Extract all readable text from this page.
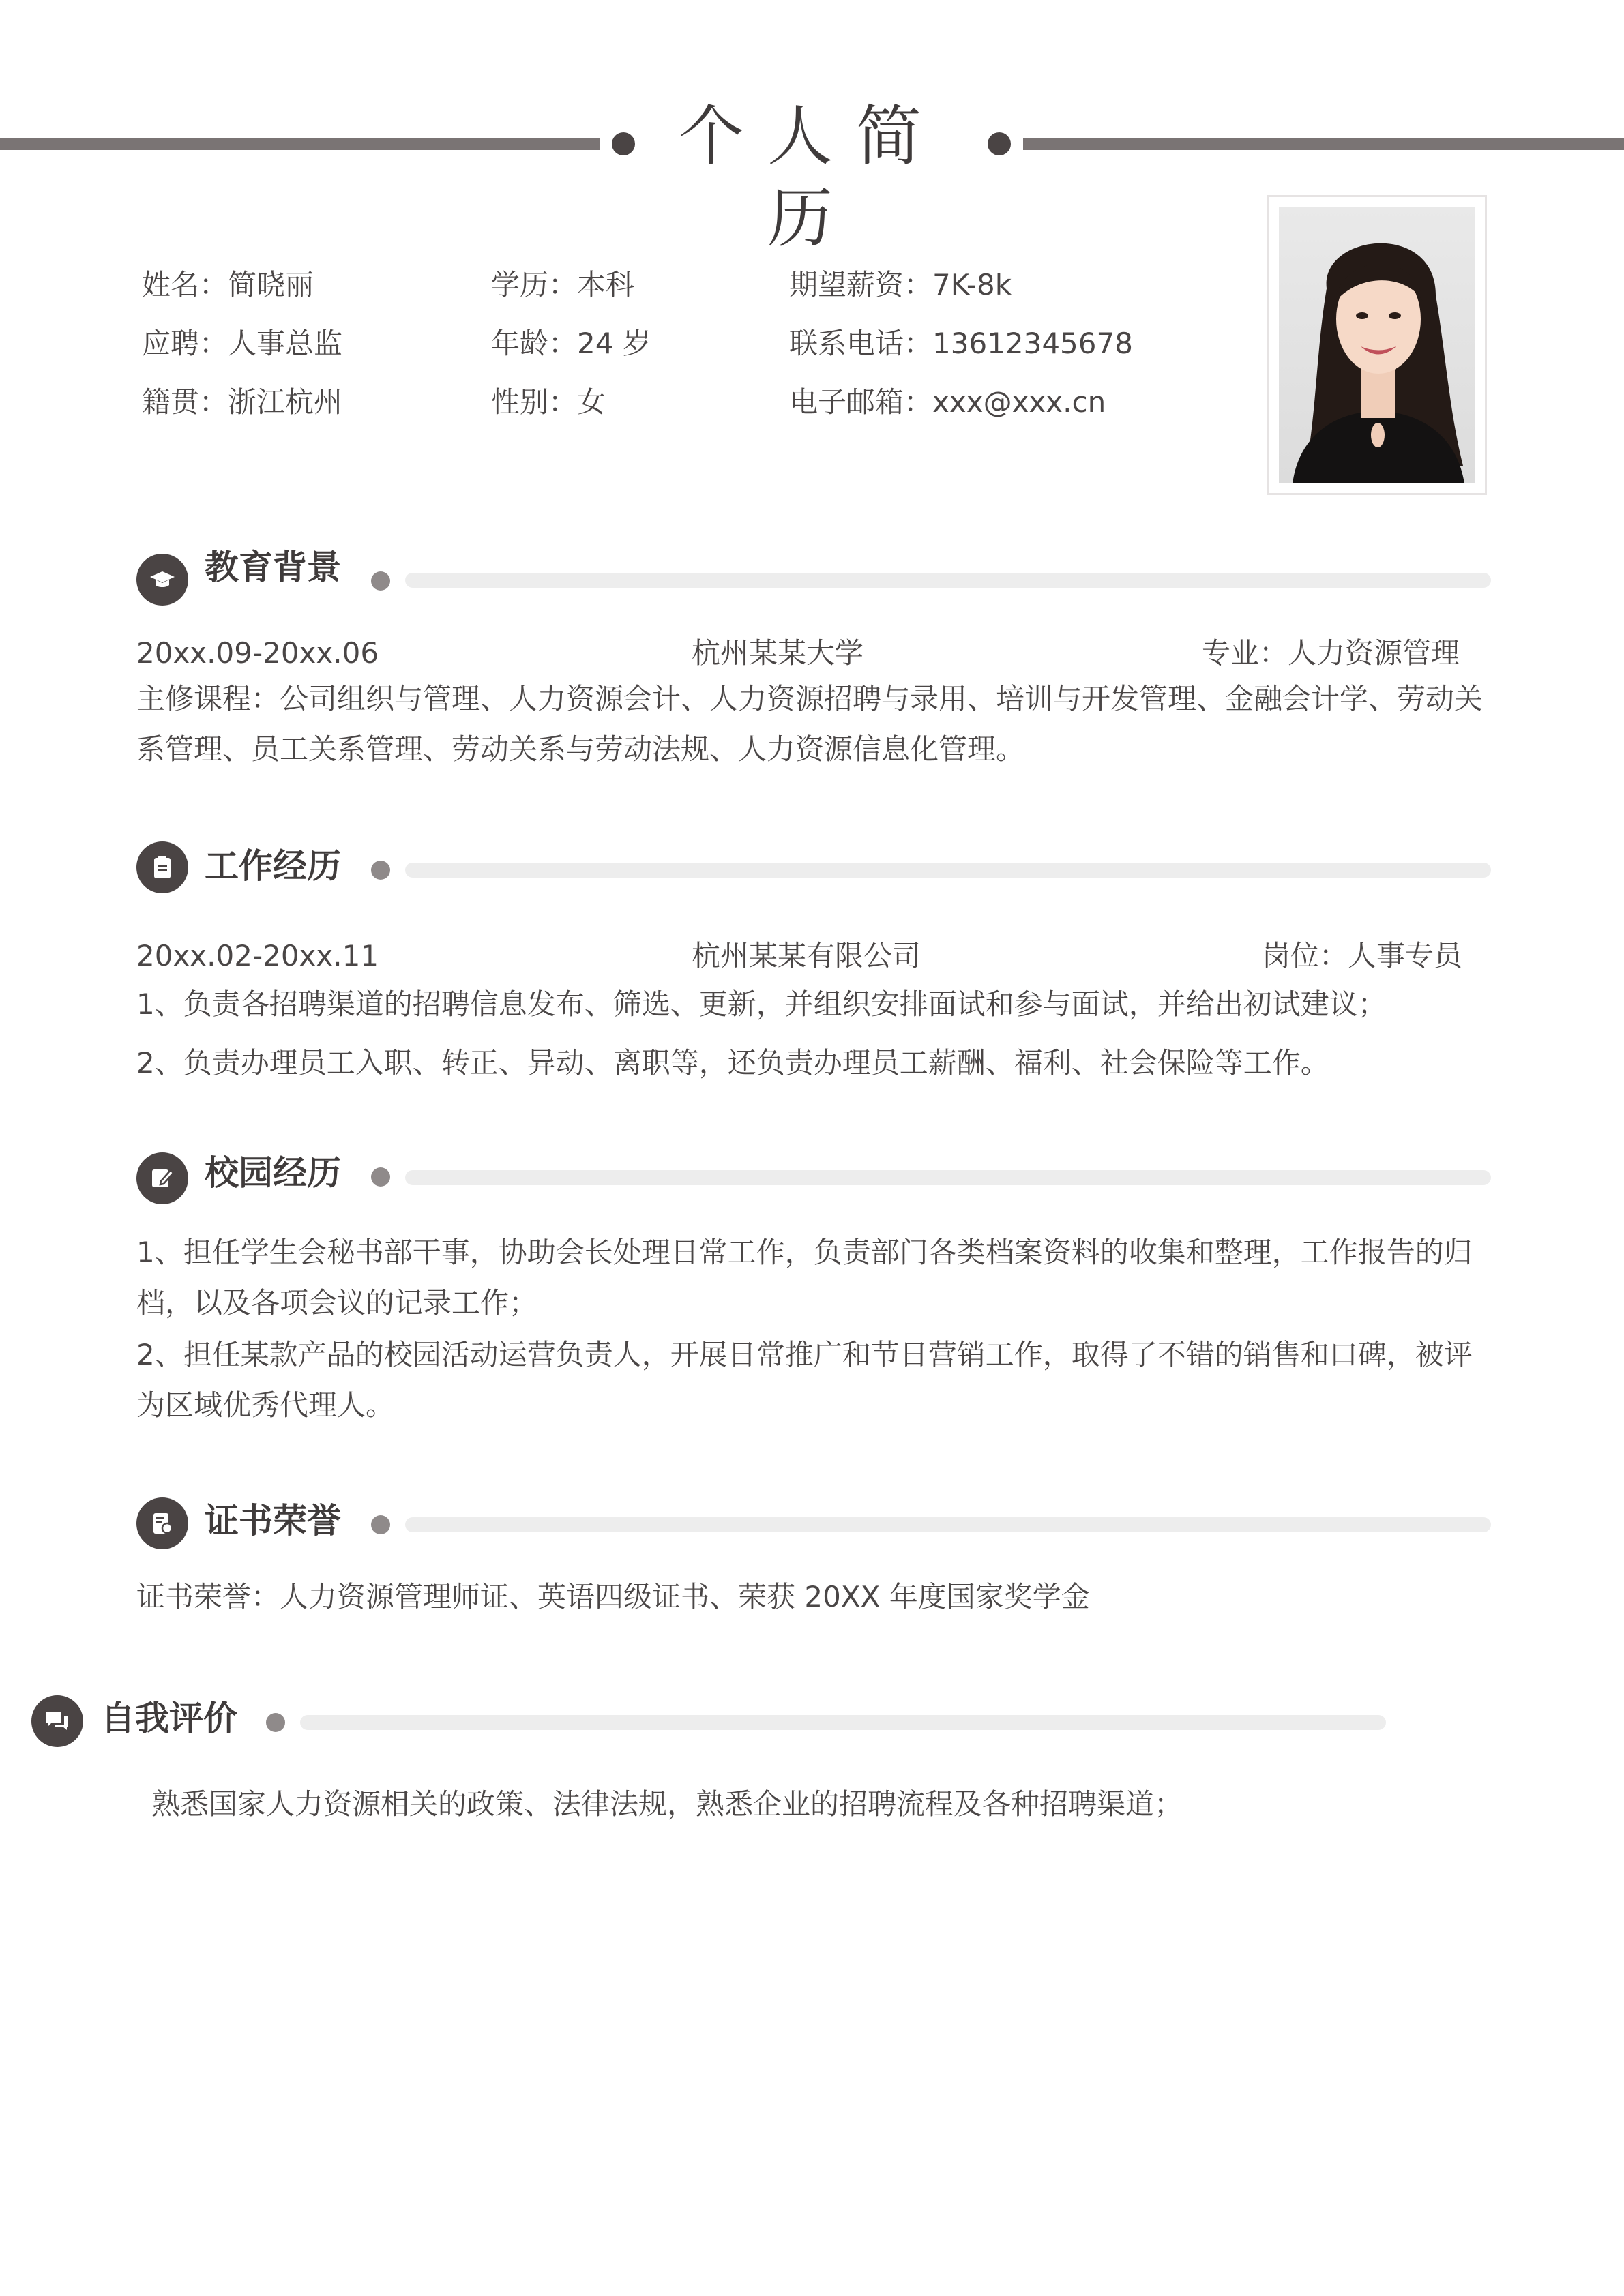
个人简历
姓名：简晓丽	学历：本科	期望薪资：7K-8k
应聘：人事总监	年龄：24 岁	联系电话：13612345678
籍贯：浙江杭州	性别：女	电子邮箱：xxx@xxx.cn
教育背景
20xx.09-20xx.06	杭州某某大学	专业：人力资源管理
主修课程：公司组织与管理、人力资源会计、人力资源招聘与录用、培训与开发管理、金融会计学、劳动关系管理、员工关系管理、劳动关系与劳动法规、人力资源信息化管理。
工作经历
20xx.02-20xx.11	杭州某某有限公司	岗位：人事专员
1、负责各招聘渠道的招聘信息发布、筛选、更新，并组织安排面试和参与面试，并给出初试建议；
2、负责办理员工入职、转正、异动、离职等，还负责办理员工薪酬、福利、社会保险等工作。
校园经历
1、担任学生会秘书部干事，协助会长处理日常工作，负责部门各类档案资料的收集和整理，工作报告的归档，以及各项会议的记录工作；
2、担任某款产品的校园活动运营负责人，开展日常推广和节日营销工作，取得了不错的销售和口碑，被评为区域优秀代理人。
证书荣誉
证书荣誉：人力资源管理师证、英语四级证书、荣获 20XX 年度国家奖学金
自我评价
熟悉国家人力资源相关的政策、法律法规，熟悉企业的招聘流程及各种招聘渠道；
